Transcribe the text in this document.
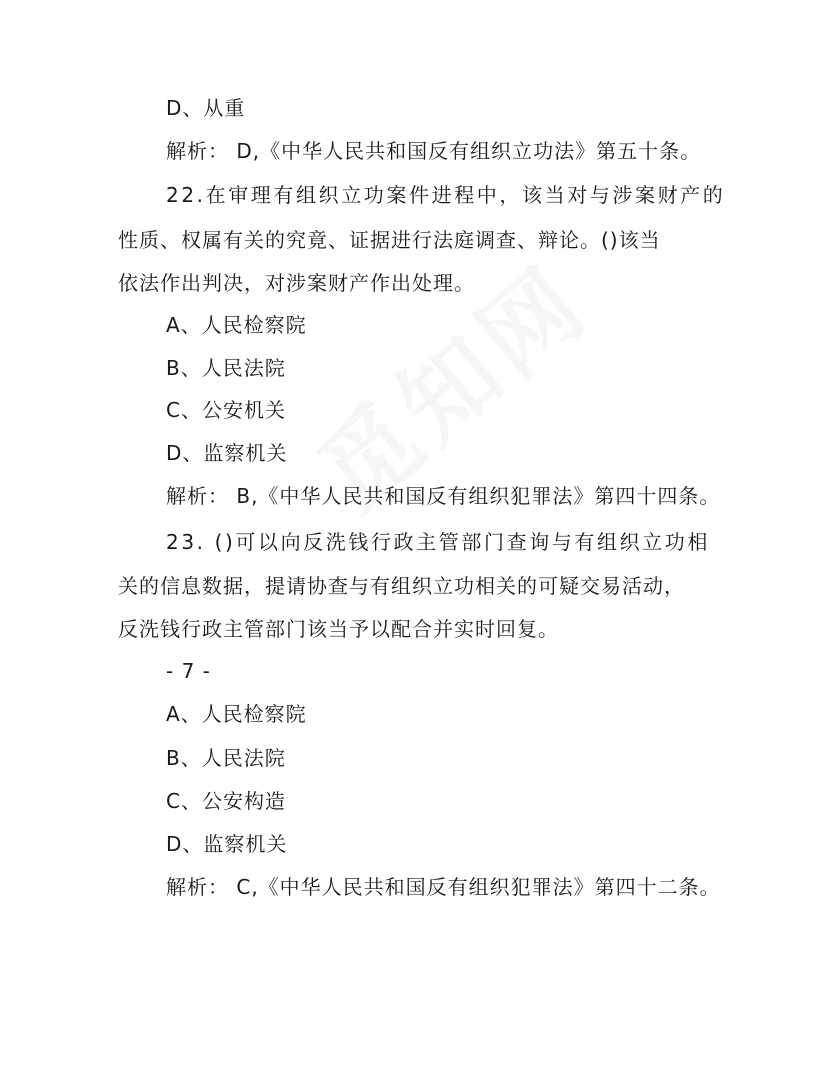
D、从重
解析： D,《中华人民共和国反有组织立功法》第五十条。
22.在审理有组织立功案件进程中，该当对与涉案财产的
性质、权属有关的究竟、证据进行法庭调查、辩论。()该当
依法作出判决，对涉案财产作出处理。
A、人民检察院
B、人民法院
C、公安机关
D、监察机关
解析： B,《中华人民共和国反有组织犯罪法》第四十四条。
23. ()可以向反洗钱行政主管部门查询与有组织立功相
关的信息数据，提请协查与有组织立功相关的可疑交易活动，
反洗钱行政主管部门该当予以配合并实时回复。
- 7 -
A、人民检察院
B、人民法院
C、公安构造
D、监察机关
解析： C,《中华人民共和国反有组织犯罪法》第四十二条。
